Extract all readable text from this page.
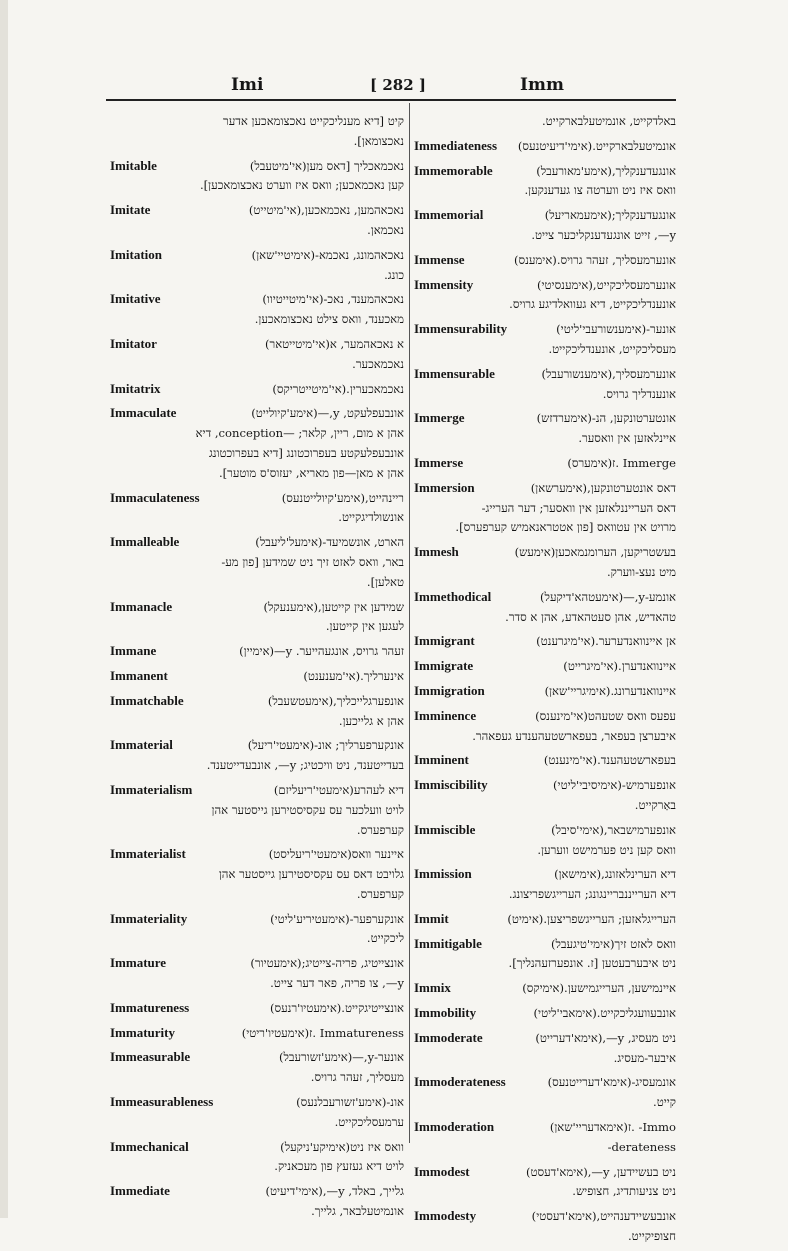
Imi	[ 282 ]	Imm
קיט [דיא מענליכקייט נאכצומאכען אדער
נאכצומאן].
Imitable	נאכמאכליך [דאס מען(אי'מיטעבל)
קען נאכמאכען; וואס איז ווערט נאכצומאכען].
Imitate	נאכאהמען, נאכמאכען,(אי'מיטייט)
נאכמאן.
Imitation	נאכאהמונג, נאכמא-(אימיטיי'שאן)
כונג.
Imitative	נאכאהמענד, נאכ-(אי'מיטייטיוו)
מאכענד, וואס צילט נאכצומאכען.
Imitator	א נאכאהמער, א(אי'מיטייטאר)
נאכמאכער.
Imitatrix	נאכמאכערין.(אי'מיטייטריקס)
Immaculate	אונבעפלעקט, y,—(אימע'קיולייט)
אהן א מום, ריין, קלאר; —conception, דיא
אונבעפלעקטע בעפרוכטונג [דיא בעפרוכטונג
אהן א מאן—פון מאריא, יעזוס'ס מוטער].
Immaculateness	ריינהייט,(אימע'קיולייטנעס)
אונשולדיגקייט.
Immalleable	הארט, אונשמיעד-(אימעל'ליעבל)
באר, וואס לאזט זיך ניט שמידען [פון מע-
טאלען].
Immanacle	שמידען אין קייטען,(אימענעקל)
לעגען אין קייטען.
Immane	זעהר גרויס, אונגעהייער. y—(אימיין)
Immanent	אינערליך.(אי'מענענט)
Immatchable	אונפערגלייכליך,(אימעטשעבל)
אהן א גלייכען.
Immaterial	אונקערפערליך; אונ-(אימעטי'ריעל)
בעדייטענד, ניט וויכטיג; y—, אונבעדייטענד.
Immaterialism	דיא לעהרע(אימעטי'ריעליזם)
לויט וועלכער עס עקסיסטירען גייסטער אהן
קערפערס.
Immaterialist	איינער וואס(אימעטי'ריעליסט)
גלויבט דאס עס עקסיסטירען גייסטער אהן
קערפערס.
Immateriality	אונקערפער-(אימעטיריע'ליטי)
ליכקייט.
Immature	אונצייטיג, פריה-צייטיג;(אימעטיור)
y—, צו פריה, פאר דער צייט.
Immatureness	אונצייטיגקייט.(אימעטיו'רנעס)
Immaturity	Immatureness .ז(אימעטיו'ריטי)
Immeasurable	אונער-y,—(אימע'זשורעבל)
מעסליך, זעהר גרויס.
Immeasurableness	אונ-(אימע'זשורעבלנעס)
ערמעסליכקייט.
Immechanical	וואס איז ניט(אימיקע'ניקעל)
לויט דיא געזעץ פון מעכאניק.
Immediate	גלייך, באלד, y—,(אימי'דיעיט)
אונמיטעלבאר, גלייך.
באלדקייט, אונמיטעלבארקייט.
Immediateness	אונמיטעלבארקייט.(אימי'דיעיטנעס)
Immemorable	אונגעדענקליך,(אימע'מאורעבל)
וואס איז ניט ווערטה צו געדענקען.
Immemorial	אונגעדענקליך;(אימעמאריעל)
y—, זייט אונגעדענקליכער צייט.
Immense	אונערמעסליך, זעהר גרויס.(אימענס)
Immensity	אונערמעסליכקייט,(אימענסיטי)
אונענדליכקייט, דיא געוואלדיגע גרויס.
Immensurability	אונער-(אימענשורעבי'ליטי)
מעסליכקייט, אונענדליכקייט.
Immensurable	אונערמעסליך,(אימענשורעבל)
אונענדליך גרויס.
Immerge	אונטערטונקען, הנ-(אימערדזש)
איינלאזען אין וואסער.
Immerse	Immerge .ז(אימערס)
Immersion	דאס אונטערטונקען,(אימערשאן)
דאס הערייננלאזען אין וואסער; דער הערייג-
מרויט אין עטוואס [פון אטטראנאמיש קערפערס].
Immesh	בעשטריקען, הערומנמאכען(אימעש)
מיט נעצ-ווערק.
Immethodical	אונמע-y,—(אימעטהא'דיקעל)
טהאדיש, אהן סעטהאדע, אהן א סדר.
Immigrant	אן איינוואנדערער.(אי'מיגרענט)
Immigrate	איינוואנדערן.(אי'מיגרייט)
Immigration	איינוואנדערונג.(אימיגריי'שאן)
Imminence	עפעס וואס שטעהט(אי'מינענס)
איבערצן בעפאר, בעפארשטעהענדע געפאהר.
Imminent	בעפארשטעהענד.(אי'מינענט)
Immiscibility	אונפערמיש-(אימיסיבי'ליטי)
באַרקייט.
Immiscible	אונפערמישבאר,(אימי'סיבל)
וואס קען ניט פערמישט ווערען.
Immission	דיא הערינלאזונג,(אימישאן)
דיא הערייננבריינגונג; הערייגשפריצונג.
Immit	הערייגלאזען; הערייגשפריצען.(אימיט)
Immitigable	וואס לאזט זיך(אימי'טיגעבל)
ניט איבערבעטען [ז. אונפערזעהנליך].
Immix	איינמישען, הערייגמישען.(אימיקס)
Immobility	אונבעוועגליכקייט.(אימאבי'ליטי)
Immoderate	ניט מעסיג, y—,(אימא'דערייט)
איבער-מעסיג.
Immoderateness	אונמעסיג-(אימא'דערייטנעס)
קייט.
Immoderation	Immo- .ז(אימאדעריי'שאן)
derateness-
Immodest	ניט בעשיידען, y—,(אימא'דעסט)
ניט צניעותדיג, חצופיש.
Immodesty	אונבעשיידענהייט,(אימא'דעסטי)
חצופיקייט.
